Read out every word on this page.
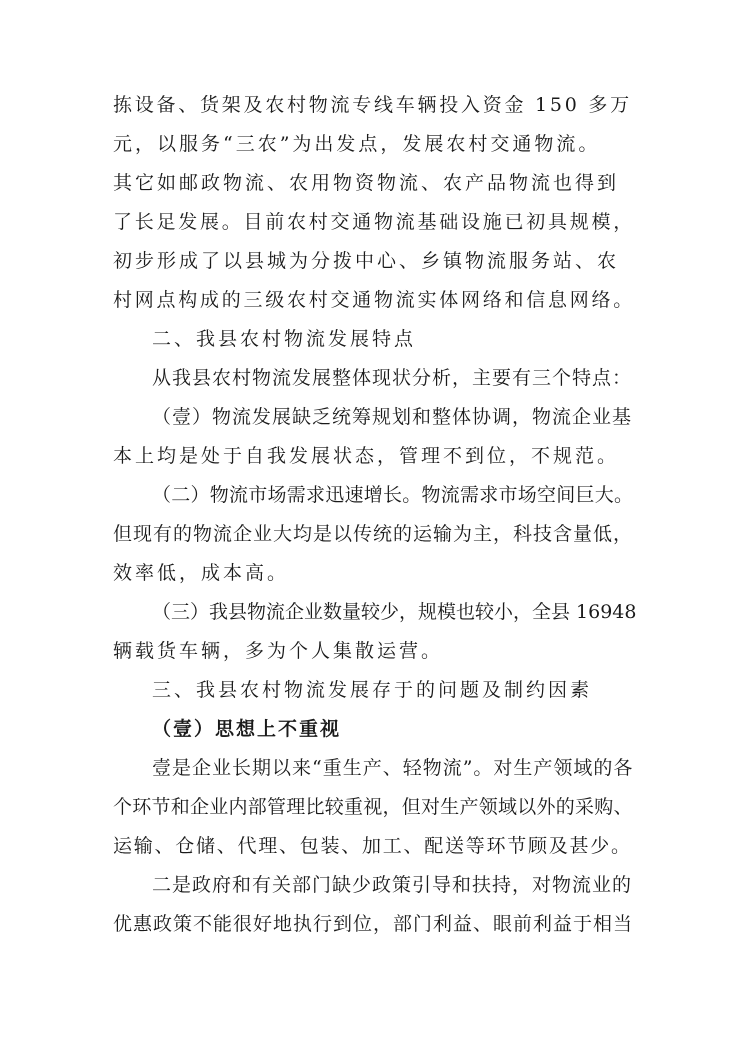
拣设备、货架及农村物流专线车辆投入资金 150 多万

元，以服务“三农”为出发点，发展农村交通物流。

其它如邮政物流、农用物资物流、农产品物流也得到

了长足发展。目前农村交通物流基础设施已初具规模，

初步形成了以县城为分拨中心、乡镇物流服务站、农

村网点构成的三级农村交通物流实体网络和信息网络。

二、我县农村物流发展特点

从我县农村物流发展整体现状分析，主要有三个特点：

（壹）物流发展缺乏统筹规划和整体协调，物流企业基

本上均是处于自我发展状态，管理不到位，不规范。

（二）物流市场需求迅速增长。物流需求市场空间巨大。

但现有的物流企业大均是以传统的运输为主，科技含量低，

效率低，成本高。

（三）我县物流企业数量较少，规模也较小，全县 16948

辆载货车辆，多为个人集散运营。

三、我县农村物流发展存于的问题及制约因素

（壹）思想上不重视

壹是企业长期以来“重生产、轻物流”。对生产领域的各

个环节和企业内部管理比较重视，但对生产领域以外的采购、

运输、仓储、代理、包装、加工、配送等环节顾及甚少。

二是政府和有关部门缺少政策引导和扶持，对物流业的

优惠政策不能很好地执行到位，部门利益、眼前利益于相当
